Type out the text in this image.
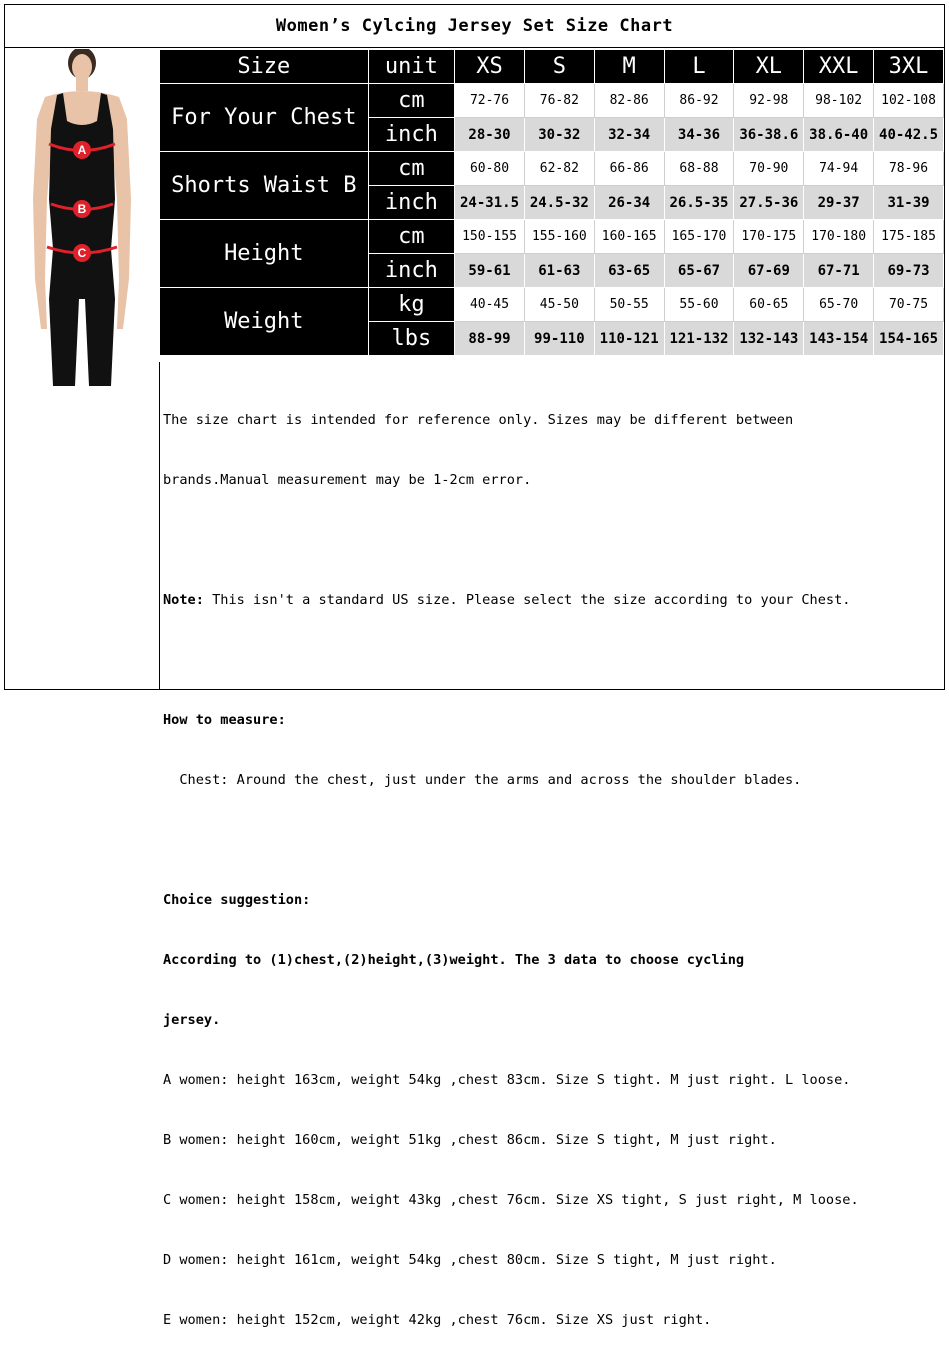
Women’s Cylcing Jersey Set Size Chart
A
B
C
Size	unit	XS	S	M	L	XL	XXL	3XL
For Your Chest	cm	72-76	76-82	82-86	86-92	92-98	98-102	102-108
	inch	28-30	30-32	32-34	34-36	36-38.6	38.6-40	40-42.5
Shorts Waist B	cm	60-80	62-82	66-86	68-88	70-90	74-94	78-96
	inch	24-31.5	24.5-32	26-34	26.5-35	27.5-36	29-37	31-39
Height	cm	150-155	155-160	160-165	165-170	170-175	170-180	175-185
	inch	59-61	61-63	63-65	65-67	67-69	67-71	69-73
Weight	kg	40-45	45-50	50-55	55-60	60-65	65-70	70-75
	lbs	88-99	99-110	110-121	121-132	132-143	143-154	154-165

The size chart is intended for reference only. Sizes may be different between

brands.Manual measurement may be 1-2cm error.

Note: This isn't a standard US size. Please select the size according to your Chest.

How to measure:

Chest: Around the chest, just under the arms and across the shoulder blades.

Choice suggestion:

According to (1)chest,(2)height,(3)weight. The 3 data to choose cycling

jersey.

A women: height 163cm, weight 54kg ,chest 83cm. Size S tight. M just right. L loose.

B women: height 160cm, weight 51kg ,chest 86cm. Size S tight, M just right.

C women: height 158cm, weight 43kg ,chest 76cm. Size XS tight, S just right, M loose.

D women: height 161cm, weight 54kg ,chest 80cm. Size S tight, M just right.

E women: height 152cm, weight 42kg ,chest 76cm. Size XS just right.
